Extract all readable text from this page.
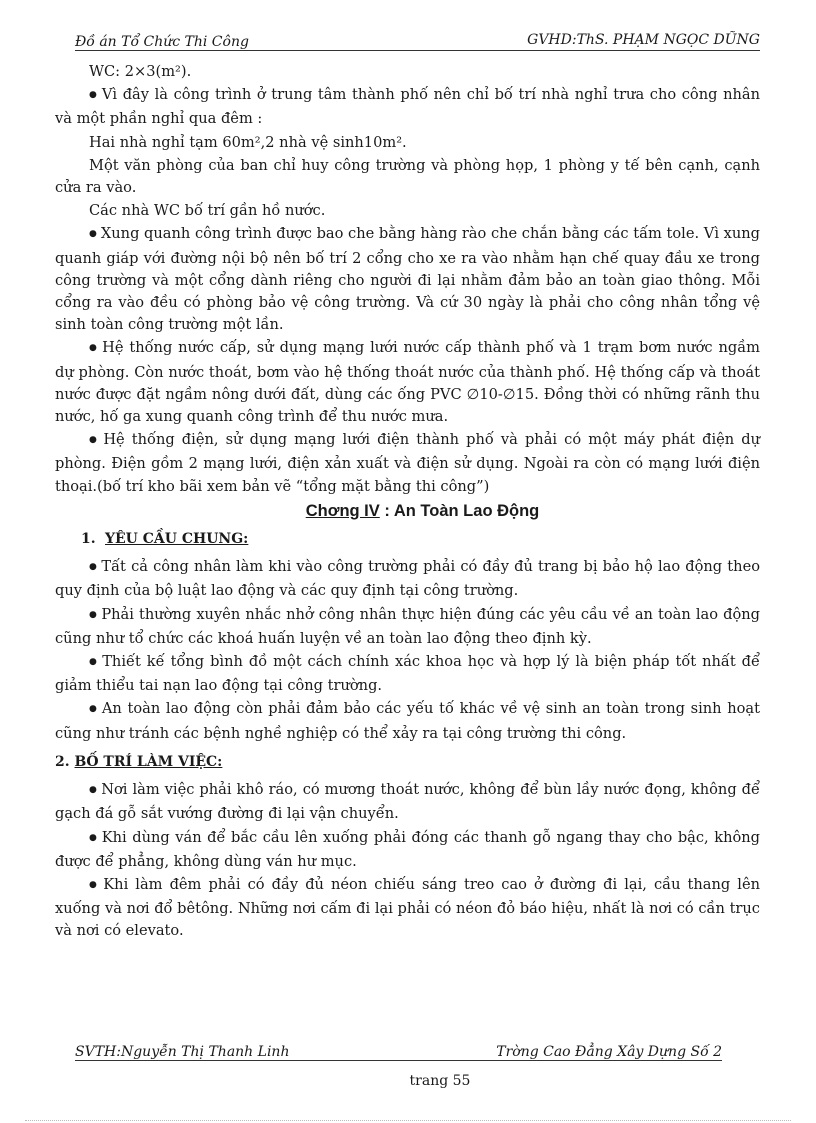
Đồ án Tổ Chức Thi Công	GVHD:ThS. PHẠM NGỌC DŨNG

WC: 2×3(m²).

● Vì đây là công trình ở trung tâm thành phố nên chỉ bố trí nhà nghỉ trưa cho công nhân và một phần nghỉ qua đêm :

Hai nhà nghỉ tạm 60m²,2 nhà vệ sinh10m².

Một văn phòng của ban chỉ huy công trường và phòng họp, 1 phòng y tế bên cạnh, cạnh cửa ra vào.

Các nhà WC bố trí gần hồ nước.

● Xung quanh công trình được bao che bằng hàng rào che chắn bằng các tấm tole. Vì xung quanh giáp với đường nội bộ nên bố trí 2 cổng cho xe ra vào nhằm hạn chế quay đầu xe trong công trường và một cổng dành riêng cho người đi lại nhằm đảm bảo an toàn giao thông. Mỗi cổng ra vào đều có phòng bảo vệ công trường. Và cứ 30 ngày là phải cho công nhân tổng vệ sinh toàn công trường một lần.

● Hệ thống nước cấp, sử dụng mạng lưới nước cấp thành phố và 1 trạm bơm nước ngầm dự phòng. Còn nước thoát, bơm vào hệ thống thoát nước của thành phố. Hệ thống cấp và thoát nước được đặt ngầm nông dưới đất, dùng các ống PVC ∅10-∅15. Đồng thời có những rãnh thu nước, hố ga xung quanh công trình để thu nước mưa.

● Hệ thống điện, sử dụng mạng lưới điện thành phố và phải có một máy phát điện dự phòng. Điện gồm 2 mạng lưới, điện xản xuất và điện sử dụng. Ngoài ra còn có mạng lưới điện thoại.(bố trí kho bãi xem bản vẽ “tổng mặt bằng thi công”)

Chơng IV : An Toàn Lao Động
1. YÊU CẦU CHUNG:

● Tất cả công nhân làm khi vào công trường phải có đầy đủ trang bị bảo hộ lao động theo quy định của bộ luật lao động và các quy định tại công trường.

● Phải thường xuyên nhắc nhở công nhân thực hiện đúng các yêu cầu về an toàn lao động cũng như tổ chức các khoá huấn luyện về an toàn lao động theo định kỳ.

● Thiết kế tổng bình đồ một cách chính xác khoa học và hợp lý là biện pháp tốt nhất để giảm thiểu tai nạn lao động tại công trường.

● An toàn lao động còn phải đảm bảo các yếu tố khác về vệ sinh an toàn trong sinh hoạt cũng như tránh các bệnh nghề nghiệp có thể xảy ra tại công trường thi công.

2. BỐ TRÍ LÀM VIỆC:

● Nơi làm việc phải khô ráo, có mương thoát nước, không để bùn lầy nước đọng, không để gạch đá gỗ sắt vướng đường đi lại vận chuyển.

● Khi dùng ván để bắc cầu lên xuống phải đóng các thanh gỗ ngang thay cho bậc, không được để phẳng, không dùng ván hư mục.

● Khi làm đêm phải có đầy đủ néon chiếu sáng treo cao ở đường đi lại, cầu thang lên xuống và nơi đổ bêtông. Những nơi cấm đi lại phải có néon đỏ báo hiệu, nhất là nơi có cần trục và nơi có elevato.

SVTH:Nguyễn Thị Thanh Linh	Trờng Cao Đẳng Xây Dựng Số 2
trang 55
